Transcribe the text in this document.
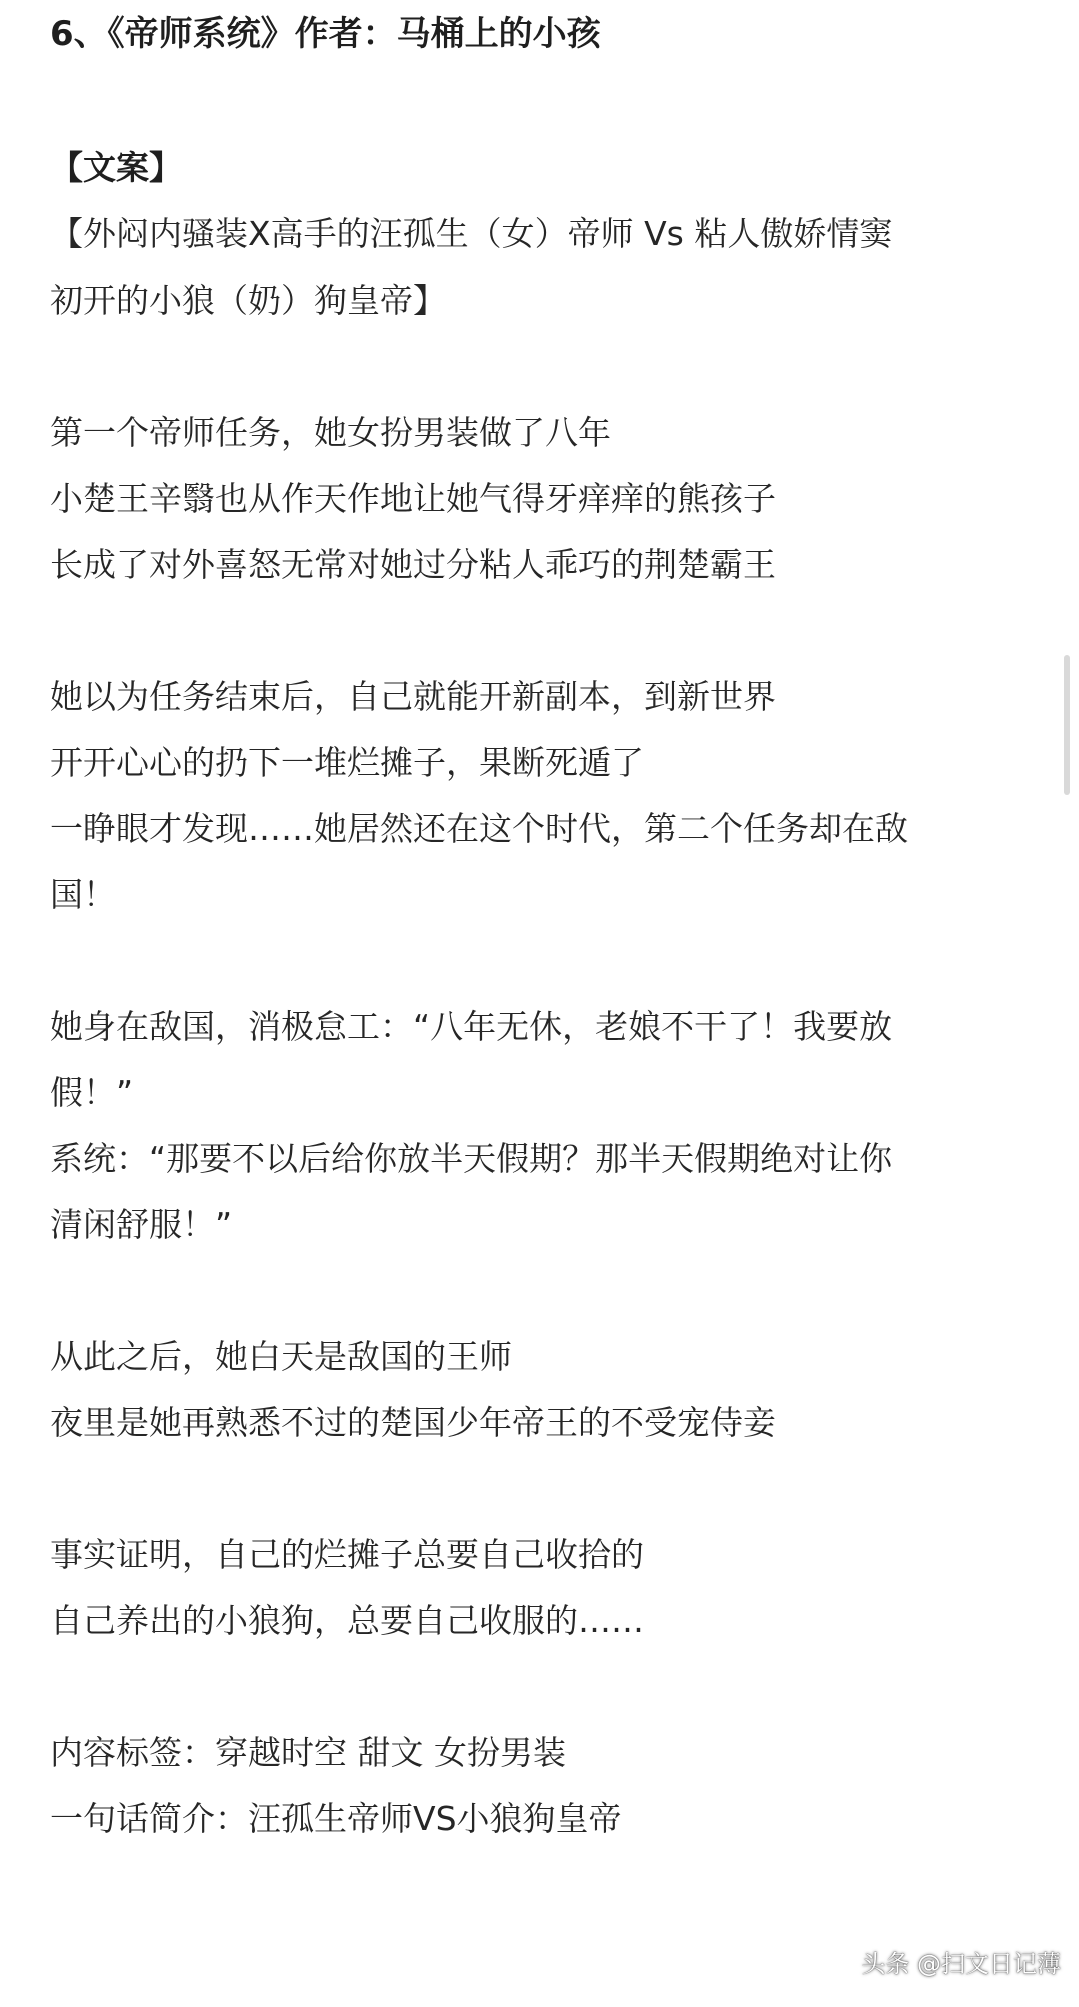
6、《帝师系统》作者：马桶上的小孩
【文案】
【外闷内骚装X高手的汪孤生（女）帝师 Vs 粘人傲娇情窦
初开的小狼（奶）狗皇帝】
第一个帝师任务，她女扮男装做了八年
小楚王辛翳也从作天作地让她气得牙痒痒的熊孩子
长成了对外喜怒无常对她过分粘人乖巧的荆楚霸王
她以为任务结束后，自己就能开新副本，到新世界
开开心心的扔下一堆烂摊子，果断死遁了
一睁眼才发现……她居然还在这个时代，第二个任务却在敌
国！
她身在敌国，消极怠工：“八年无休，老娘不干了！我要放
假！”
系统：“那要不以后给你放半天假期？那半天假期绝对让你
清闲舒服！”
从此之后，她白天是敌国的王师
夜里是她再熟悉不过的楚国少年帝王的不受宠侍妾
事实证明，自己的烂摊子总要自己收拾的
自己养出的小狼狗，总要自己收服的……
内容标签：穿越时空 甜文 女扮男装
一句话简介：汪孤生帝师VS小狼狗皇帝
头条 @扫文日记薄
